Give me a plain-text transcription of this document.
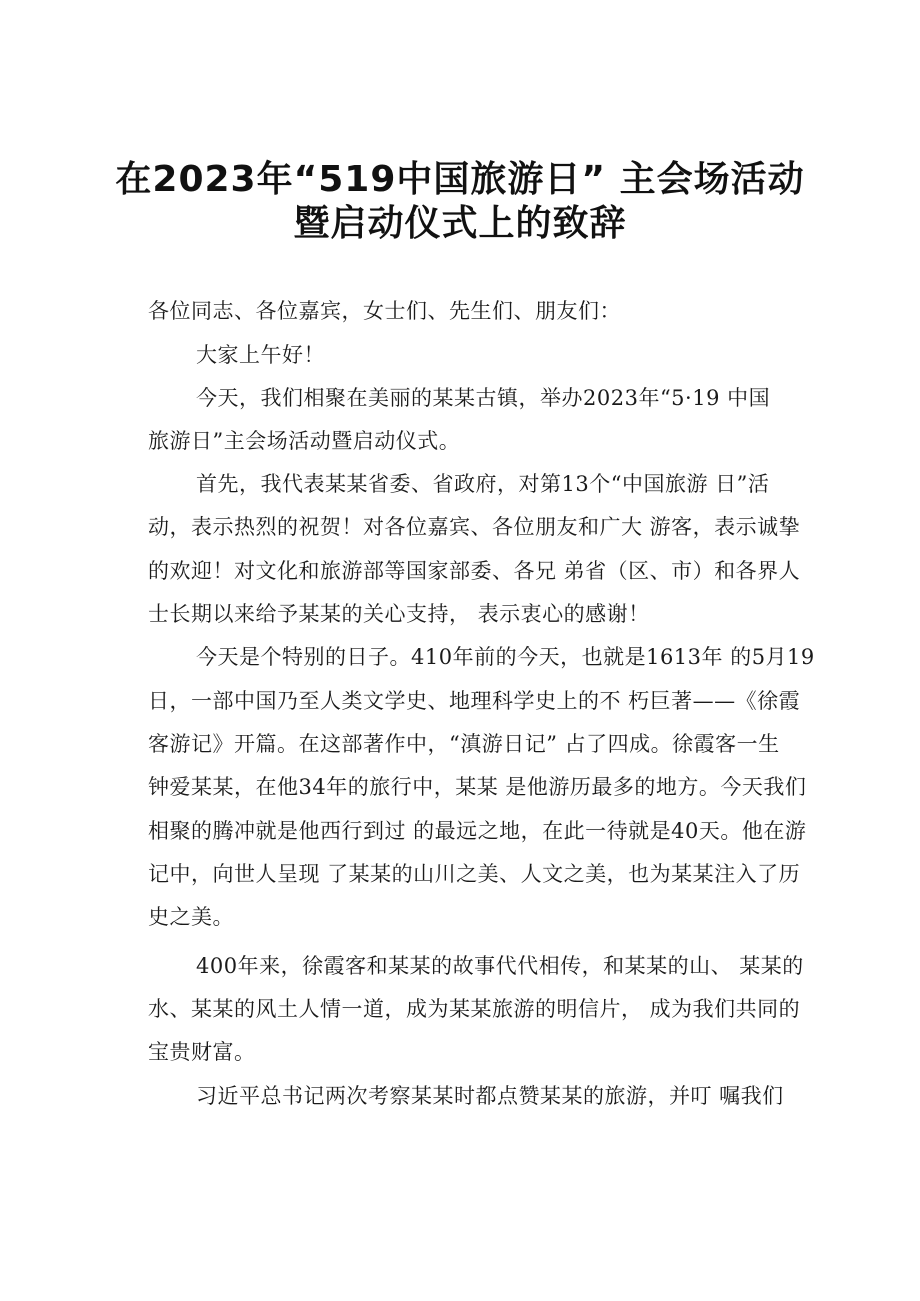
在2023年“519中国旅游日” 主会场活动
暨启动仪式上的致辞

各位同志、各位嘉宾，女士们、先生们、朋友们：

大家上午好！

今天，我们相聚在美丽的某某古镇，举办2023年“5·19 中国

旅游日”主会场活动暨启动仪式。

首先，我代表某某省委、省政府，对第13个“中国旅游 日”活

动，表示热烈的祝贺！对各位嘉宾、各位朋友和广大 游客，表示诚挚

的欢迎！对文化和旅游部等国家部委、各兄 弟省（区、市）和各界人

士长期以来给予某某的关心支持， 表示衷心的感谢！

今天是个特别的日子。410年前的今天，也就是1613年 的5月19

日，一部中国乃至人类文学史、地理科学史上的不 朽巨著——《徐霞

客游记》开篇。在这部著作中，“滇游日记” 占了四成。徐霞客一生

钟爱某某，在他34年的旅行中，某某 是他游历最多的地方。今天我们

相聚的腾冲就是他西行到过 的最远之地，在此一待就是40天。他在游

记中，向世人呈现 了某某的山川之美、人文之美，也为某某注入了历

史之美。

400年来，徐霞客和某某的故事代代相传，和某某的山、 某某的

水、某某的风土人情一道，成为某某旅游的明信片， 成为我们共同的

宝贵财富。

习近平总书记两次考察某某时都点赞某某的旅游，并叮 嘱我们
